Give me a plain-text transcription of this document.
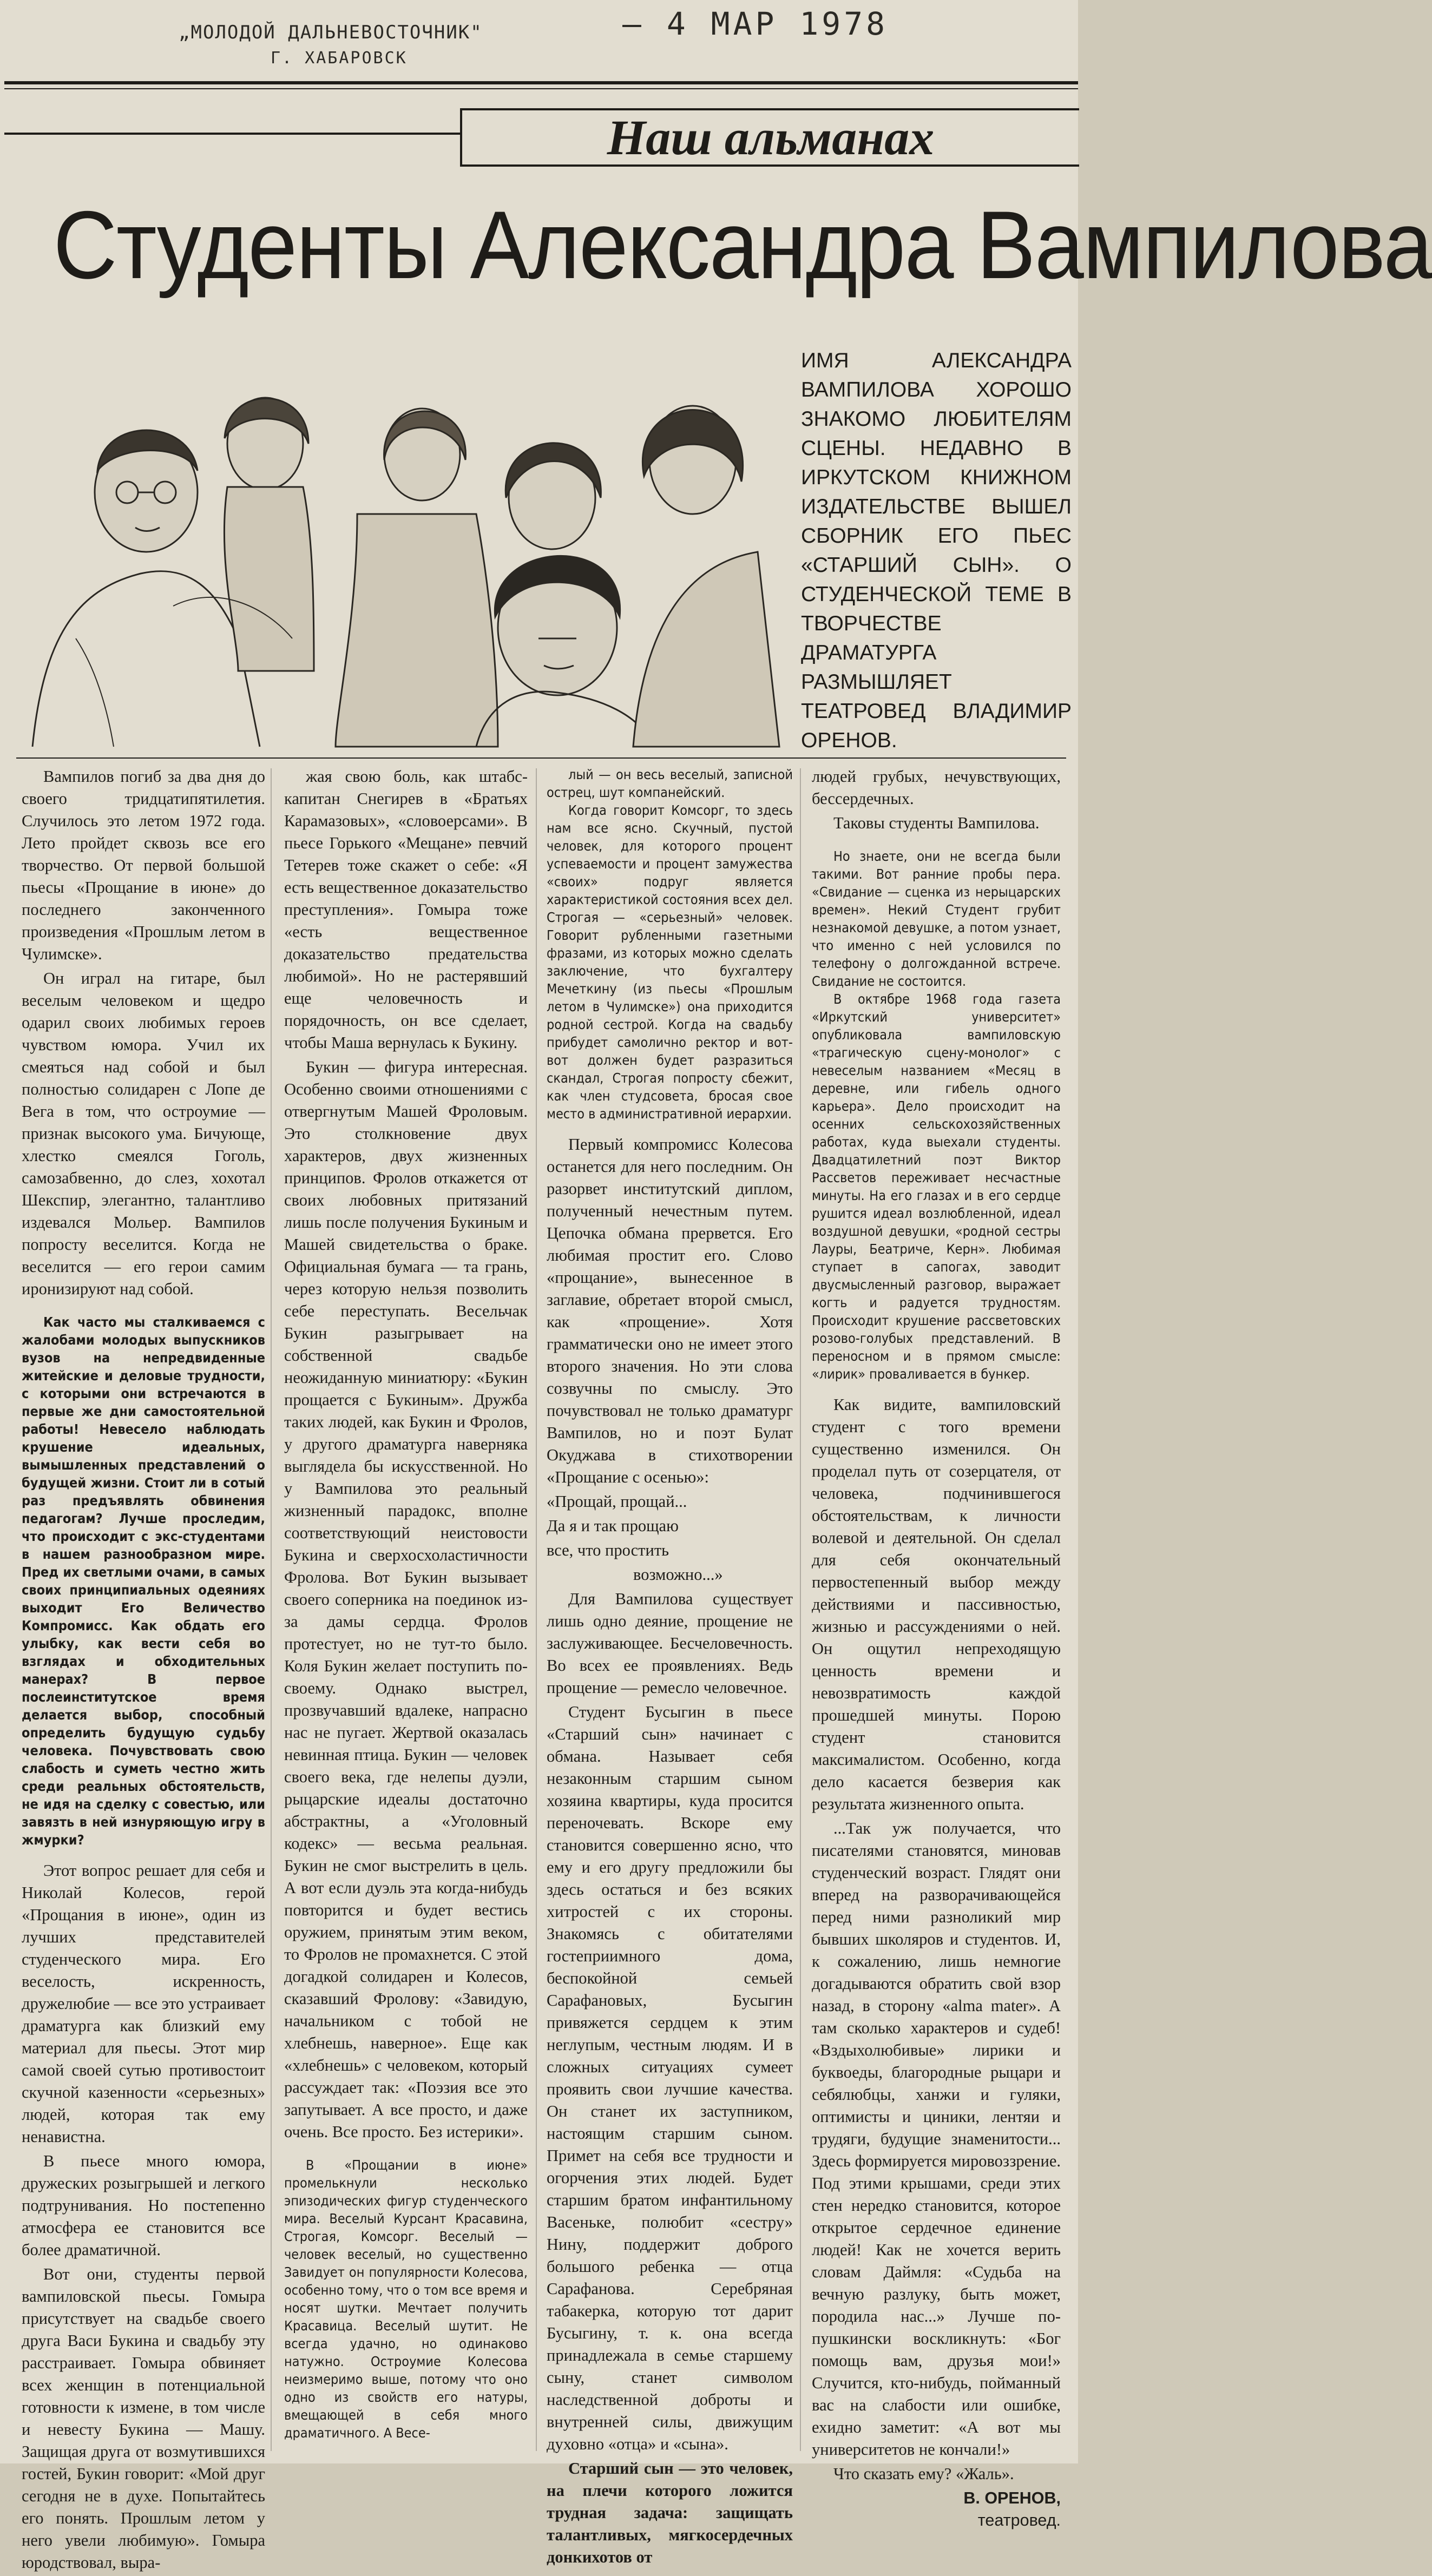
„МОЛОДОЙ ДАЛЬНЕВОСТОЧНИК"
Г. ХАБАРОВСК
— 4 МАР 1978
Наш альманах
Студенты Александра Вампилова
ИМЯ АЛЕКСАНДРА ВАМПИЛОВА ХОРОШО ЗНАКОМО ЛЮБИТЕЛЯМ СЦЕНЫ. НЕДАВНО В ИРКУТСКОМ КНИЖНОМ ИЗДАТЕЛЬСТВЕ ВЫШЕЛ СБОРНИК ЕГО ПЬЕС «СТАРШИЙ СЫН». О СТУДЕНЧЕСКОЙ ТЕМЕ В ТВОРЧЕСТВЕ ДРАМАТУРГА РАЗМЫШЛЯЕТ ТЕАТРОВЕД ВЛАДИМИР ОРЕНОВ.

Вампилов погиб за два дня до своего тридцатипятилетия. Случилось это летом 1972 года. Лето пройдет сквозь все его творчество. От первой большой пьесы «Прощание в июне» до последнего законченного произведения «Прошлым летом в Чулимске».

Он играл на гитаре, был веселым человеком и щедро одарил своих любимых героев чувством юмора. Учил их смеяться над собой и был полностью солидарен с Лопе де Вега в том, что остроумие — признак высокого ума. Бичующе, хлестко смеялся Гоголь, самозабвенно, до слез, хохотал Шекспир, элегантно, талантливо издевался Мольер. Вампилов попросту веселится. Когда не веселится — его герои самим иронизируют над собой.

Как часто мы сталкиваемся с жалобами молодых выпускников вузов на непредвиденные житейские и деловые трудности, с которыми они встречаются в первые же дни самостоятельной работы! Невесело наблюдать крушение идеальных, вымышленных представлений о будущей жизни. Стоит ли в сотый раз предъявлять обвинения педагогам? Лучше проследим, что происходит с экс-студентами в нашем разнообразном мире. Пред их светлыми очами, в самых своих принципиальных одеяниях выходит Его Величество Компромисс. Как обдать его улыбку, как вести себя во взглядах и обходительных манерах? В первое послеинститутское время делается выбор, способный определить будущую судьбу человека. Почувствовать свою слабость и суметь честно жить среди реальных обстоятельств, не идя на сделку с совестью, или завязть в ней изнуряющую игру в жмурки?

Этот вопрос решает для себя и Николай Колесов, герой «Прощания в июне», один из лучших представителей студенческого мира. Его веселость, искренность, дружелюбие — все это устраивает драматурга как близкий ему материал для пьесы. Этот мир самой своей сутью противостоит скучной казенности «серьезных» людей, которая так ему ненавистна.

В пьесе много юмора, дружеских розыгрышей и легкого подтрунивания. Но постепенно атмосфера ее становится все более драматичной.

Вот они, студенты первой вампиловской пьесы. Гомыра присутствует на свадьбе своего друга Васи Букина и свадьбу эту расстраивает. Гомыра обвиняет всех женщин в потенциальной готовности к измене, в том числе и невесту Букина — Машу. Защищая друга от возмутившихся гостей, Букин говорит: «Мой друг сегодня не в духе. Попытайтесь его понять. Прошлым летом у него увели любимую». Гомыра юродствовал, выра-

жая свою боль, как штабс-капитан Снегирев в «Братьях Карамазовых», «словоерсами». В пьесе Горького «Мещане» певчий Тетерев тоже скажет о себе: «Я есть вещественное доказательство преступления». Гомыра тоже «есть вещественное доказательство предательства любимой». Но не растерявший еще человечность и порядочность, он все сделает, чтобы Маша вернулась к Букину.

Букин — фигура интересная. Особенно своими отношениями с отвергнутым Машей Фроловым. Это столкновение двух характеров, двух жизненных принципов. Фролов откажется от своих любовных притязаний лишь после получения Букиным и Машей свидетельства о браке. Официальная бумага — та грань, через которую нельзя позволить себе переступать. Весельчак Букин разыгрывает на собственной свадьбе неожиданную миниатюру: «Букин прощается с Букиным». Дружба таких людей, как Букин и Фролов, у другого драматурга наверняка выглядела бы искусственной. Но у Вампилова это реальный жизненный парадокс, вполне соответствующий неистовости Букина и сверхосхоластичности Фролова. Вот Букин вызывает своего соперника на поединок из-за дамы сердца. Фролов протестует, но не тут-то было. Коля Букин желает поступить по-своему. Однако выстрел, прозвучавший вдалеке, напрасно нас не пугает. Жертвой оказалась невинная птица. Букин — человек своего века, где нелепы дуэли, рыцарские идеалы достаточно абстрактны, а «Уголовный кодекс» — весьма реальная. Букин не смог выстрелить в цель. А вот если дуэль эта когда-нибудь повторится и будет вестись оружием, принятым этим веком, то Фролов не промахнется. С этой догадкой солидарен и Колесов, сказавший Фролову: «Завидую, начальником с тобой не хлебнешь, наверное». Еще как «хлебнешь» с человеком, который рассуждает так: «Поэзия все это запутывает. А все просто, и даже очень. Все просто. Без истерики».

В «Прощании в июне» промелькнули несколько эпизодических фигур студенческого мира. Веселый Курсант Красавина, Строгая, Комсорг. Веселый — человек веселый, но существенно Завидует он популярности Колесова, особенно тому, что о том все время и носят шутки. Мечтает получить Красавица. Веселый шутит. Не всегда удачно, но одинаково натужно. Остроумие Колесова неизмеримо выше, потому что оно одно из свойств его натуры, вмещающей в себя много драматичного. А Весе-

лый — он весь веселый, записной острец, шут компанейский.

Когда говорит Комсорг, то здесь нам все ясно. Скучный, пустой человек, для которого процент успеваемости и процент замужества «своих» подруг является характеристикой состояния всех дел. Строгая — «серьезный» человек. Говорит рубленными газетными фразами, из которых можно сделать заключение, что бухгалтеру Мечеткину (из пьесы «Прошлым летом в Чулимске») она приходится родной сестрой. Когда на свадьбу прибудет самолично ректор и вот-вот должен будет разразиться скандал, Строгая попросту сбежит, как член студсовета, бросая свое место в административной иерархии.

Первый компромисс Колесова останется для него последним. Он разорвет институтский диплом, полученный нечестным путем. Цепочка обмана прервется. Его любимая простит его. Слово «прощание», вынесенное в заглавие, обретает второй смысл, как «прощение». Хотя грамматически оно не имеет этого второго значения. Но эти слова созвучны по смыслу. Это почувствовал не только драматург Вампилов, но и поэт Булат Окуджава в стихотворении «Прощание с осенью»:

«Прощай, прощай...

Да я и так прощаю

все, что простить

возможно...»

Для Вампилова существует лишь одно деяние, прощение не заслуживающее. Бесчеловечность. Во всех ее проявлениях. Ведь прощение — ремесло человечное.

Студент Бусыгин в пьесе «Старший сын» начинает с обмана. Называет себя незаконным старшим сыном хозяина квартиры, куда просится переночевать. Вскоре ему становится совершенно ясно, что ему и его другу предложили бы здесь остаться и без всяких хитростей с их стороны. Знакомясь с обитателями гостеприимного дома, беспокойной семьей Сарафановых, Бусыгин привяжется сердцем к этим неглупым, честным людям. И в сложных ситуациях сумеет проявить свои лучшие качества. Он станет их заступником, настоящим старшим сыном. Примет на себя все трудности и огорчения этих людей. Будет старшим братом инфантильному Васеньке, полюбит «сестру» Нину, поддержит доброго большого ребенка — отца Сарафанова. Серебряная табакерка, которую тот дарит Бусыгину, т. к. она всегда принадлежала в семье старшему сыну, станет символом наследственной доброты и внутренней силы, движущим духовно «отца» и «сына».

Старший сын — это человек, на плечи которого ложится трудная задача: защищать талантливых, мягкосердечных донкихотов от

людей грубых, нечувствующих, бессердечных.

Таковы студенты Вампилова.

Но знаете, они не всегда были такими. Вот ранние пробы пера. «Свидание — сценка из нерыцарских времен». Некий Студент грубит незнакомой девушке, а потом узнает, что именно с ней условился по телефону о долгожданной встрече. Свидание не состоится.

В октябре 1968 года газета «Иркутский университет» опубликовала вампиловскую «трагическую сцену-монолог» с невеселым названием «Месяц в деревне, или гибель одного карьера». Дело происходит на осенних сельскохозяйственных работах, куда выехали студенты. Двадцатилетний поэт Виктор Рассветов переживает несчастные минуты. На его глазах и в его сердце рушится идеал возлюбленной, идеал воздушной девушки, «родной сестры Лауры, Беатриче, Керн». Любимая ступает в сапогах, заводит двусмысленный разговор, выражает когть и радуется трудностям. Происходит крушение рассветовских розово-голубых представлений. В переносном и в прямом смысле: «лирик» проваливается в бункер.

Как видите, вампиловский студент с того времени существенно изменился. Он проделал путь от созерцателя, от человека, подчинившегося обстоятельствам, к личности волевой и деятельной. Он сделал для себя окончательный первостепенный выбор между действиями и пассивностью, жизнью и рассуждениями о ней. Он ощутил непреходящую ценность времени и невозвратимость каждой прошедшей минуты. Порою студент становится максималистом. Особенно, когда дело касается безверия как результата жизненного опыта.

...Так уж получается, что писателями становятся, миновав студенческий возраст. Глядят они вперед на разворачивающейся перед ними разноликий мир бывших школяров и студентов. И, к сожалению, лишь немногие догадываются обратить свой взор назад, в сторону «alma mater». А там сколько характеров и судеб! «Вздыхолюбивые» лирики и буквоеды, благородные рыцари и себялюбцы, ханжи и гуляки, оптимисты и циники, лентяи и трудяги, будущие знаменитости... Здесь формируется мировоззрение. Под этими крышами, среди этих стен нередко становится, которое открытое сердечное единение людей! Как не хочется верить словам Даймля: «Судьба на вечную разлуку, быть может, породила нас...» Лучше по-пушкински воскликнуть: «Бог помощь вам, друзья мои!» Случится, кто-нибудь, пойманный вас на слабости или ошибке, ехидно заметит: «А вот мы университетов не кончали!»

Что сказать ему? «Жаль».

В. ОРЕНОВ,
театровед.
